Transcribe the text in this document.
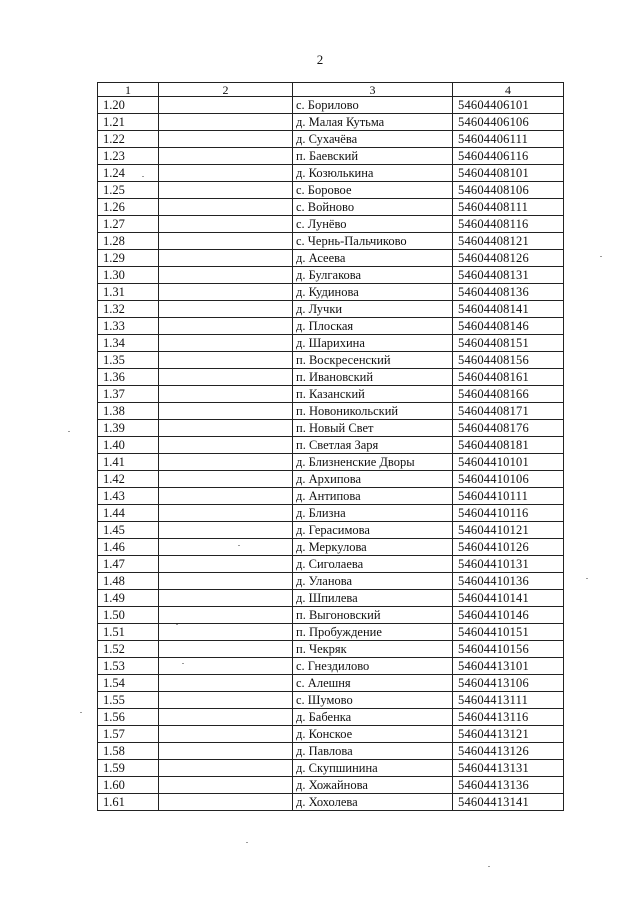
2
1	2	3	4
1.20		с. Борилово	54604406101
1.21		д. Малая Кутьма	54604406106
1.22		д. Сухачёва	54604406111
1.23		п. Баевский	54604406116
1.24		д. Козюлькина	54604408101
1.25		с. Боровое	54604408106
1.26		с. Войново	54604408111
1.27		с. Лунёво	54604408116
1.28		с. Чернь-Пальчиково	54604408121
1.29		д. Асеева	54604408126
1.30		д. Булгакова	54604408131
1.31		д. Кудинова	54604408136
1.32		д. Лучки	54604408141
1.33		д. Плоская	54604408146
1.34		д. Шарихина	54604408151
1.35		п. Воскресенский	54604408156
1.36		п. Ивановский	54604408161
1.37		п. Казанский	54604408166
1.38		п. Новоникольский	54604408171
1.39		п. Новый Свет	54604408176
1.40		п. Светлая Заря	54604408181
1.41		д. Близненские Дворы	54604410101
1.42		д. Архипова	54604410106
1.43		д. Антипова	54604410111
1.44		д. Близна	54604410116
1.45		д. Герасимова	54604410121
1.46		д. Меркулова	54604410126
1.47		д. Сиголаева	54604410131
1.48		д. Уланова	54604410136
1.49		д. Шпилева	54604410141
1.50		п. Выгоновский	54604410146
1.51		п. Пробуждение	54604410151
1.52		п. Чекряк	54604410156
1.53		с. Гнездилово	54604413101
1.54		с. Алешня	54604413106
1.55		с. Шумово	54604413111
1.56		д. Бабенка	54604413116
1.57		д. Конское	54604413121
1.58		д. Павлова	54604413126
1.59		д. Скупшинина	54604413131
1.60		д. Хожайнова	54604413136
1.61		д. Хохолева	54604413141
